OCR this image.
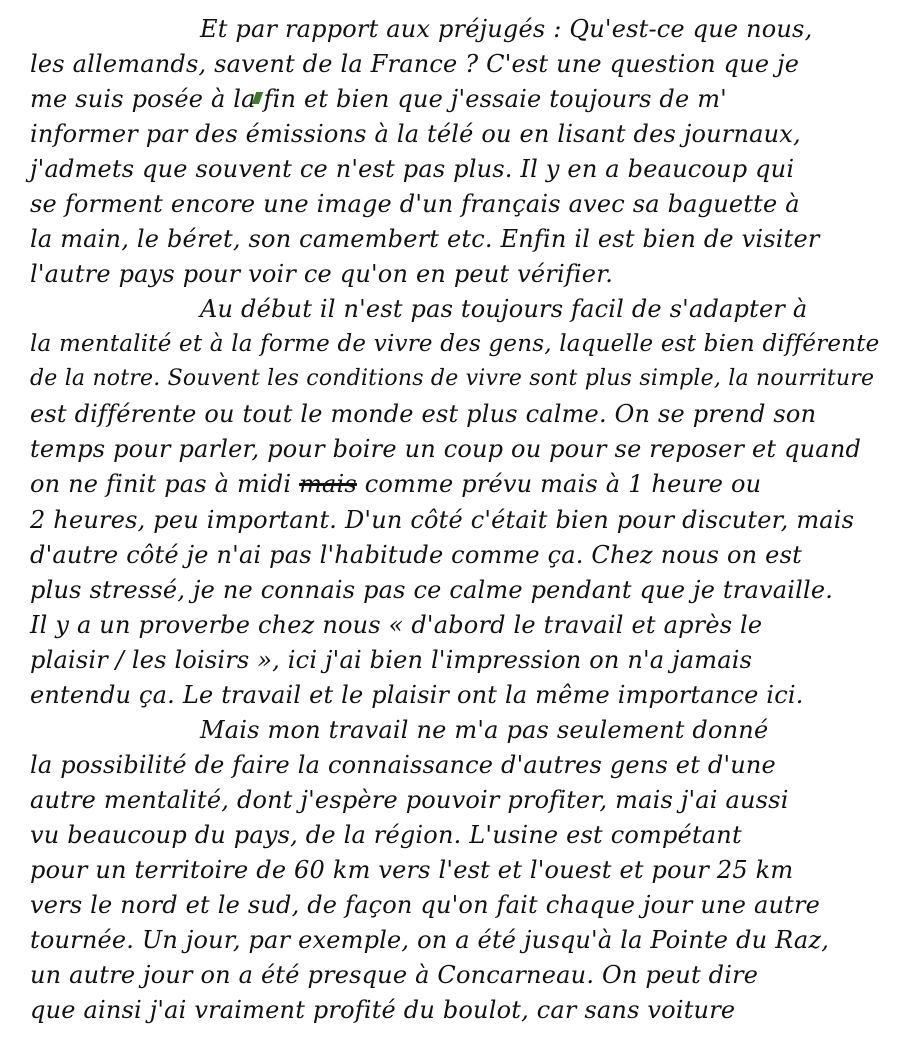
Et par rapport aux préjugés : Qu'est-ce que nous,
les allemands, savent de la France ? C'est une question que je
me suis posée à la fin et bien que j'essaie toujours de m'
informer par des émissions à la télé ou en lisant des journaux,
j'admets que souvent ce n'est pas plus. Il y en a beaucoup qui
se forment encore une image d'un français avec sa baguette à
la main, le béret, son camembert etc. Enfin il est bien de visiter
l'autre pays pour voir ce qu'on en peut vérifier.
Au début il n'est pas toujours facil de s'adapter à
la mentalité et à la forme de vivre des gens, laquelle est bien différente
de la notre. Souvent les conditions de vivre sont plus simple, la nourriture
est différente ou tout le monde est plus calme. On se prend son
temps pour parler, pour boire un coup ou pour se reposer et quand
on ne finit pas à midi mais comme prévu mais à 1 heure ou
2 heures, peu important. D'un côté c'était bien pour discuter, mais
d'autre côté je n'ai pas l'habitude comme ça. Chez nous on est
plus stressé, je ne connais pas ce calme pendant que je travaille.
Il y a un proverbe chez nous « d'abord le travail et après le
plaisir / les loisirs », ici j'ai bien l'impression on n'a jamais
entendu ça. Le travail et le plaisir ont la même importance ici.
Mais mon travail ne m'a pas seulement donné
la possibilité de faire la connaissance d'autres gens et d'une
autre mentalité, dont j'espère pouvoir profiter, mais j'ai aussi
vu beaucoup du pays, de la région. L'usine est compétant
pour un territoire de 60 km vers l'est et l'ouest et pour 25 km
vers le nord et le sud, de façon qu'on fait chaque jour une autre
tournée. Un jour, par exemple, on a été jusqu'à la Pointe du Raz,
un autre jour on a été presque à Concarneau. On peut dire
que ainsi j'ai vraiment profité du boulot, car sans voiture
